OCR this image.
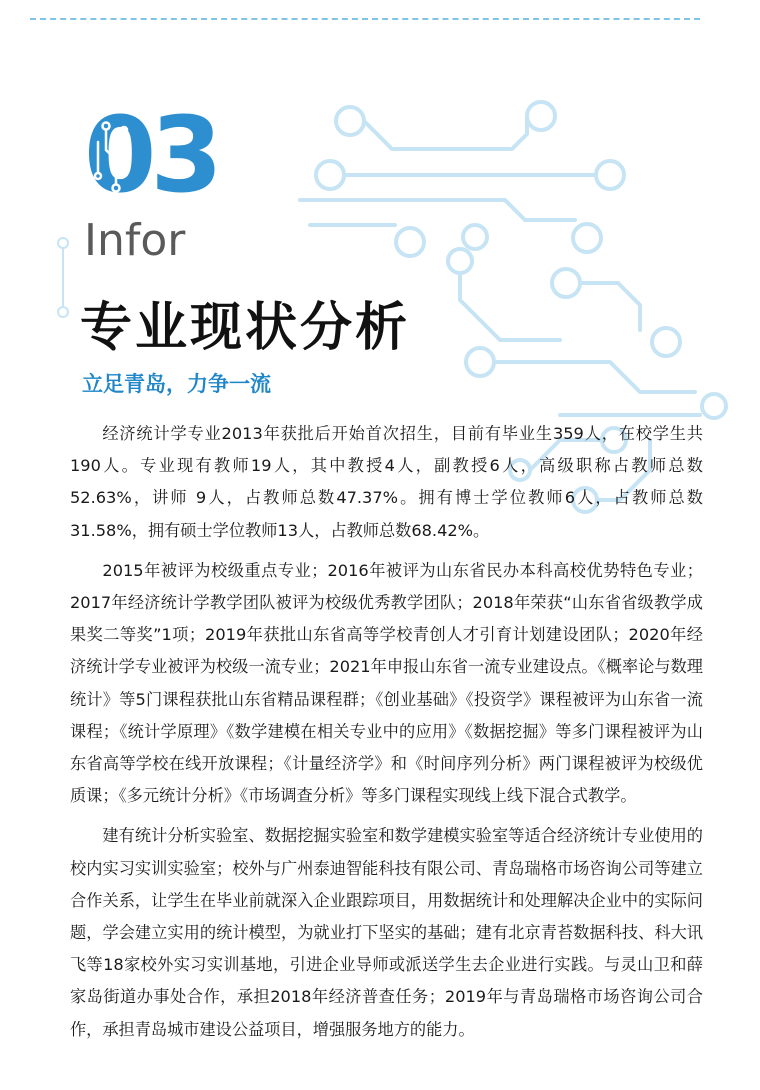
03
Infor
专业现状分析
立足青岛，力争一流

经济统计学专业2013年获批后开始首次招生，目前有毕业生359人，在校学生共190人。专业现有教师19人，其中教授4人，副教授6人，高级职称占教师总数52.63%，讲师 9人，占教师总数47.37%。拥有博士学位教师6人，占教师总数31.58%，拥有硕士学位教师13人，占教师总数68.42%。

2015年被评为校级重点专业；2016年被评为山东省民办本科高校优势特色专业；2017年经济统计学教学团队被评为校级优秀教学团队；2018年荣获“山东省省级教学成果奖二等奖”1项；2019年获批山东省高等学校青创人才引育计划建设团队；2020年经济统计学专业被评为校级一流专业；2021年申报山东省一流专业建设点。《概率论与数理统计》等5门课程获批山东省精品课程群；《创业基础》《投资学》课程被评为山东省一流课程；《统计学原理》《数学建模在相关专业中的应用》《数据挖掘》等多门课程被评为山东省高等学校在线开放课程；《计量经济学》和《时间序列分析》两门课程被评为校级优质课；《多元统计分析》《市场调查分析》等多门课程实现线上线下混合式教学。

建有统计分析实验室、数据挖掘实验室和数学建模实验室等适合经济统计专业使用的校内实习实训实验室；校外与广州泰迪智能科技有限公司、青岛瑞格市场咨询公司等建立合作关系，让学生在毕业前就深入企业跟踪项目，用数据统计和处理解决企业中的实际问题，学会建立实用的统计模型，为就业打下坚实的基础；建有北京青苔数据科技、科大讯飞等18家校外实习实训基地，引进企业导师或派送学生去企业进行实践。与灵山卫和薛家岛街道办事处合作，承担2018年经济普查任务；2019年与青岛瑞格市场咨询公司合作，承担青岛城市建设公益项目，增强服务地方的能力。
